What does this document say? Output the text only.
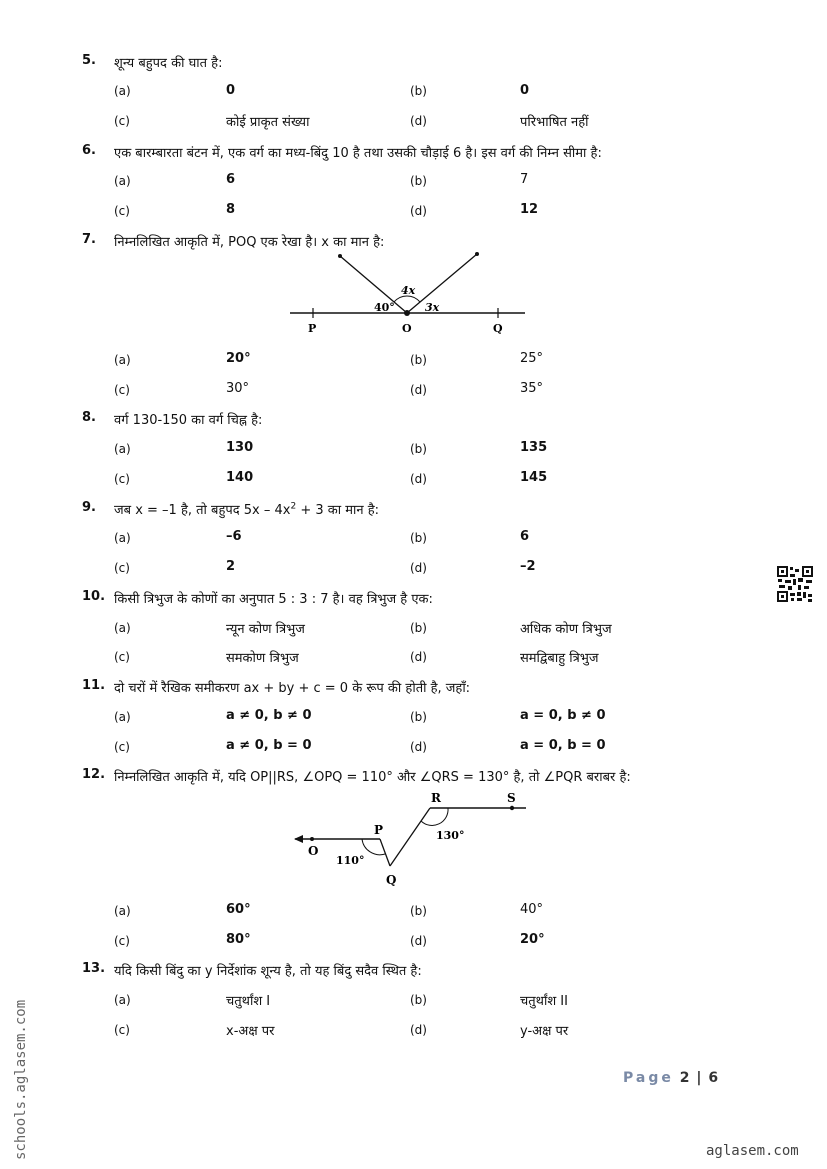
5. शून्य बहुपद की घात है:
(a)	0	(b)	0
(c)	कोई प्राकृत संख्या	(d)	परिभाषित नहीं
6. एक बारम्बारता बंटन में, एक वर्ग का मध्य-बिंदु 10 है तथा उसकी चौड़ाई 6 है। इस वर्ग की निम्न सीमा है:
(a)	6	(b)	7
(c)	8	(d)	12
7. निम्नलिखित आकृति में, POQ एक रेखा है। x का मान है:
40°
4x
3x
P	O	Q
(a)	20°	(b)	25°
(c)	30°	(d)	35°
8. वर्ग 130-150 का वर्ग चिह्न है:
(a)	130	(b)	135
(c)	140	(d)	145
9. जब x = –1 है, तो बहुपद $5x - 4x^2 + 3$ का मान है:
(a)	–6	(b)	6
(c)	2	(d)	–2
10. किसी त्रिभुज के कोणों का अनुपात 5 : 3 : 7 है। वह त्रिभुज है एक:
(a)	न्यून कोण त्रिभुज	(b)	अधिक कोण त्रिभुज
(c)	समकोण त्रिभुज	(d)	समद्विबाहु त्रिभुज
11. दो चरों में रैखिक समीकरण ax + by + c = 0 के रूप की होती है, जहाँ:
(a)	a ≠ 0, b ≠ 0	(b)	a = 0, b ≠ 0
(c)	a ≠ 0, b = 0	(d)	a = 0, b = 0
12. निम्नलिखित आकृति में, यदि OP||RS, ∠OPQ = 110° और ∠QRS = 130° है, तो ∠PQR बराबर है:
R	S
P
O
Q
130°
110°
(a)	60°	(b)	40°
(c)	80°	(d)	20°
13. यदि किसी बिंदु का y निर्देशांक शून्य है, तो यह बिंदु सदैव स्थित है:
(a)	चतुर्थांश I	(b)	चतुर्थांश II
(c)	x-अक्ष पर	(d)	y-अक्ष पर
Page 2 | 6
schools.aglasem.com	aglasem.com
